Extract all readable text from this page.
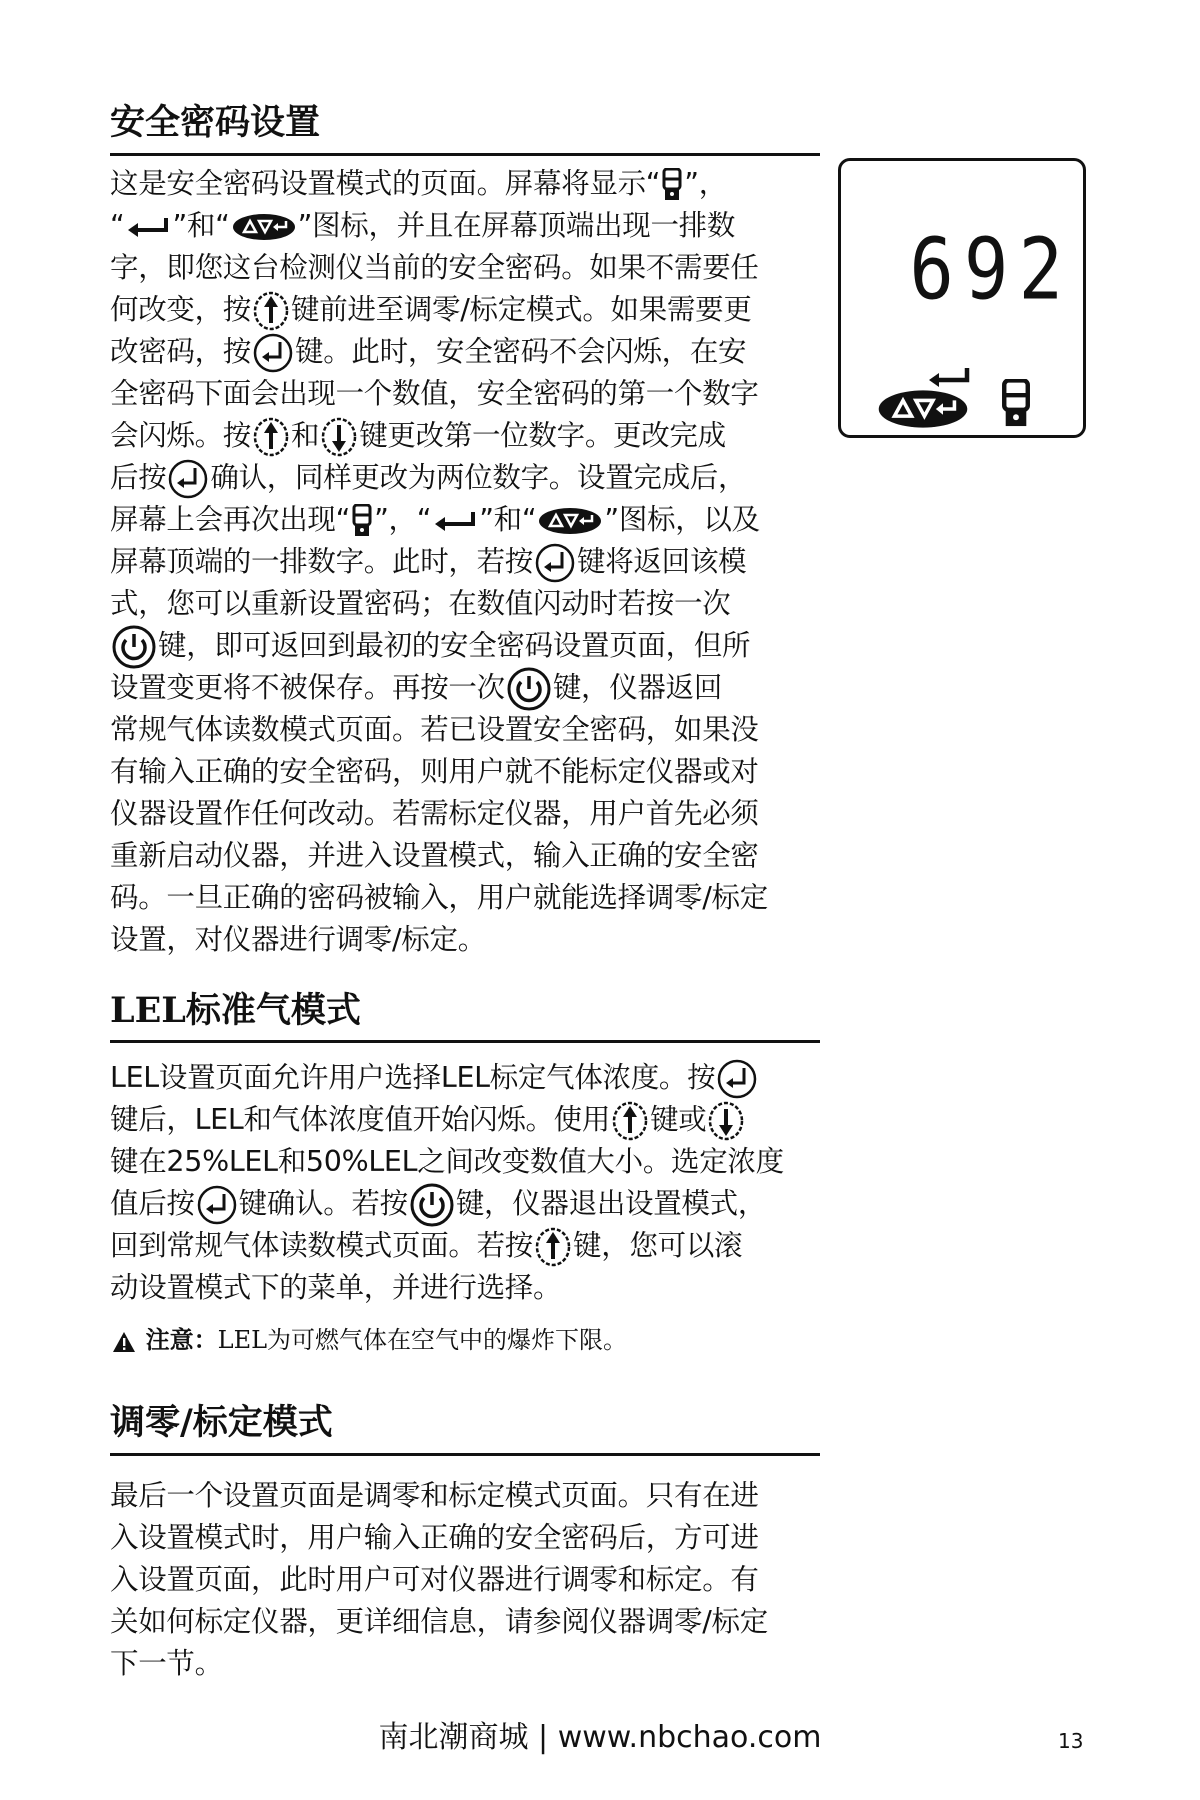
安全密码设置
这是安全密码设置模式的页面。屏幕将显示“ ”，
“ ”和“ ”图标，并且在屏幕顶端出现一排数
字，即您这台检测仪当前的安全密码。如果不需要任
何改变，按 键前进至调零/标定模式。如果需要更
改密码，按 键。此时，安全密码不会闪烁，在安
全密码下面会出现一个数值，安全密码的第一个数字
会闪烁。按 和 键更改第一位数字。更改完成
后按 确认，同样更改为两位数字。设置完成后，
屏幕上会再次出现“ ”，“ ”和“ ”图标，以及
屏幕顶端的一排数字。此时，若按 键将返回该模
式，您可以重新设置密码；在数值闪动时若按一次
键，即可返回到最初的安全密码设置页面，但所
设置变更将不被保存。再按一次 键，仪器返回
常规气体读数模式页面。若已设置安全密码，如果没
有输入正确的安全密码，则用户就不能标定仪器或对
仪器设置作任何改动。若需标定仪器，用户首先必须
重新启动仪器，并进入设置模式，输入正确的安全密
码。一旦正确的密码被输入，用户就能选择调零/标定
设置，对仪器进行调零/标定。
692
LEL标准气模式
LEL设置页面允许用户选择LEL标定气体浓度。按
键后，LEL和气体浓度值开始闪烁。使用 键或
键在25%LEL和50%LEL之间改变数值大小。选定浓度
值后按 键确认。若按 键，仪器退出设置模式，
回到常规气体读数模式页面。若按 键，您可以滚
动设置模式下的菜单，并进行选择。
注意：LEL为可燃气体在空气中的爆炸下限。
调零/标定模式
最后一个设置页面是调零和标定模式页面。只有在进
入设置模式时，用户输入正确的安全密码后，方可进
入设置页面，此时用户可对仪器进行调零和标定。有
关如何标定仪器，更详细信息，请参阅仪器调零/标定
下一节。
南北潮商城 | www.nbchao.com	13
